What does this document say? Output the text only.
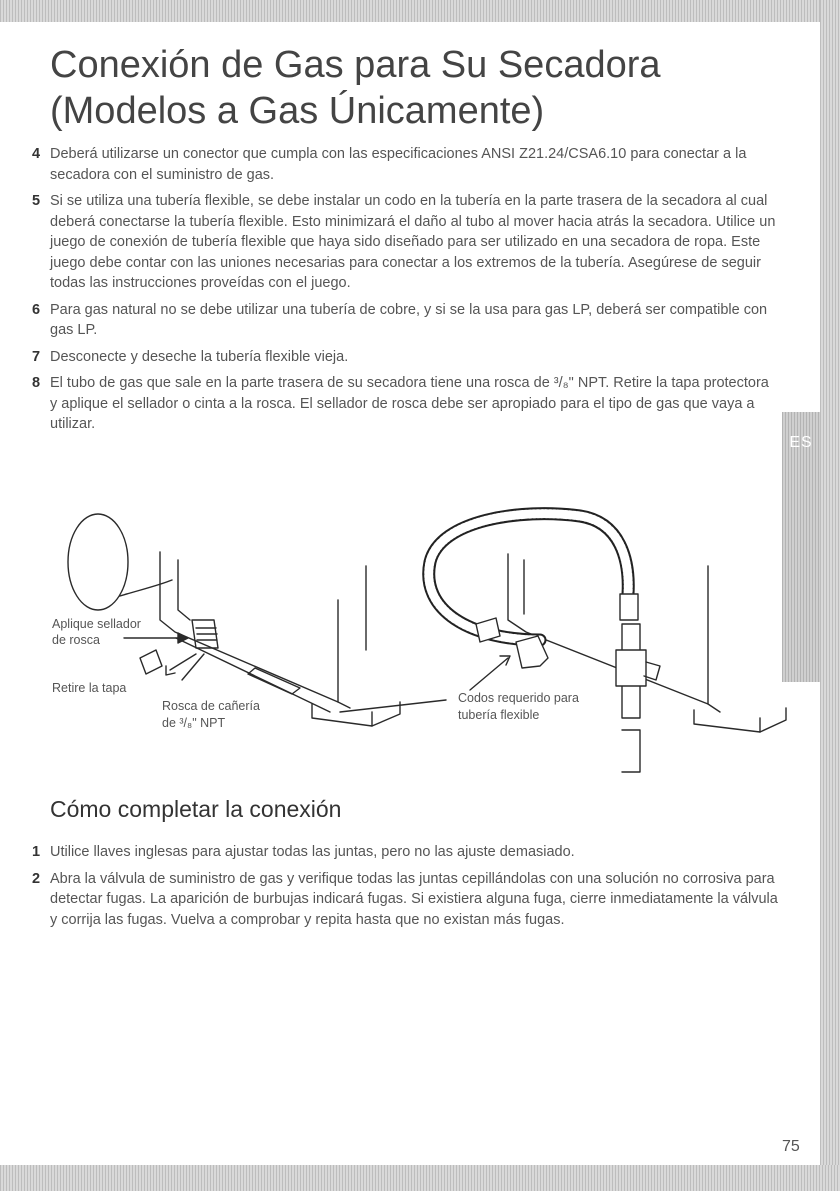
ES
Conexión de Gas para Su Secadora (Modelos a Gas Únicamente)
4 Deberá utilizarse un conector que cumpla con las especificaciones ANSI Z21.24/CSA6.10 para conectar a la secadora con el suministro de gas.
5 Si se utiliza una tubería flexible, se debe instalar un codo en la tubería en la parte trasera de la secadora al cual deberá conectarse la tubería flexible. Esto minimizará el daño al tubo al mover hacia atrás la secadora. Utilice un juego de conexión de tubería flexible que haya sido diseñado para ser utilizado en una secadora de ropa. Este juego debe contar con las uniones necesarias para conectar a los extremos de la tubería. Asegúrese de seguir todas las instrucciones proveídas con el juego.
6 Para gas natural no se debe utilizar una tubería de cobre, y si se la usa para gas LP, deberá ser compatible con gas LP.
7 Desconecte y deseche la tubería flexible vieja.
8 El tubo de gas que sale en la parte trasera de su secadora tiene una rosca de ³/₈" NPT. Retire la tapa protectora y aplique el sellador o cinta a la rosca. El sellador de rosca debe ser apropiado para el tipo de gas que vaya a utilizar.
Aplique sellador
de rosca
Retire la tapa
Rosca de cañería
de ³/₈" NPT
Codos requerido para
tubería flexible
Cómo completar la conexión
1 Utilice llaves inglesas para ajustar todas las juntas, pero no las ajuste demasiado.
2 Abra la válvula de suministro de gas y verifique todas las juntas cepillándolas con una solución no corrosiva para detectar fugas. La aparición de burbujas indicará fugas. Si existiera alguna fuga, cierre inmediatamente la válvula y corrija las fugas. Vuelva a comprobar y repita hasta que no existan más fugas.
75
